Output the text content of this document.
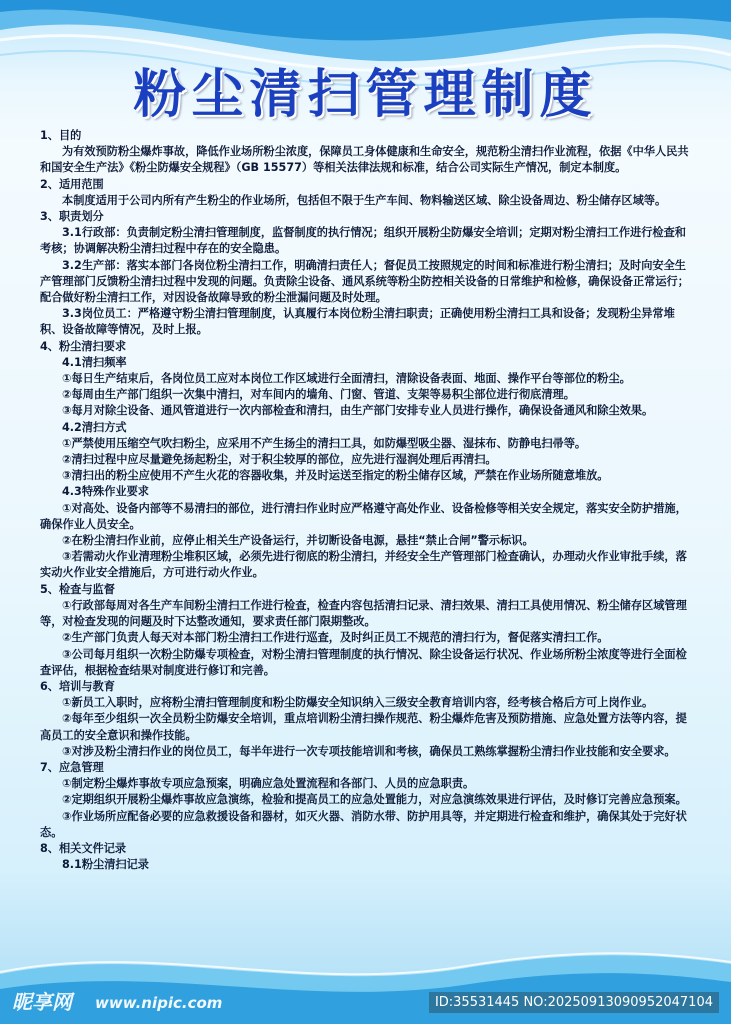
粉尘清扫管理制度
1、目的
为有效预防粉尘爆炸事故，降低作业场所粉尘浓度，保障员工身体健康和生命安全，规范粉尘清扫作业流程，依据《中华人民共和国安全生产法》《粉尘防爆安全规程》（GB 15577）等相关法律法规和标准，结合公司实际生产情况，制定本制度。
2、适用范围
本制度适用于公司内所有产生粉尘的作业场所，包括但不限于生产车间、物料输送区域、除尘设备周边、粉尘储存区域等。
3、职责划分
3.1行政部：负责制定粉尘清扫管理制度，监督制度的执行情况；组织开展粉尘防爆安全培训；定期对粉尘清扫工作进行检查和考核；协调解决粉尘清扫过程中存在的安全隐患。
3.2生产部：落实本部门各岗位粉尘清扫工作，明确清扫责任人；督促员工按照规定的时间和标准进行粉尘清扫；及时向安全生产管理部门反馈粉尘清扫过程中发现的问题。负责除尘设备、通风系统等粉尘防控相关设备的日常维护和检修，确保设备正常运行；配合做好粉尘清扫工作，对因设备故障导致的粉尘泄漏问题及时处理。
3.3岗位员工：严格遵守粉尘清扫管理制度，认真履行本岗位粉尘清扫职责；正确使用粉尘清扫工具和设备；发现粉尘异常堆积、设备故障等情况，及时上报。
4、粉尘清扫要求
4.1清扫频率
①每日生产结束后，各岗位员工应对本岗位工作区域进行全面清扫，清除设备表面、地面、操作平台等部位的粉尘。
②每周由生产部门组织一次集中清扫，对车间内的墙角、门窗、管道、支架等易积尘部位进行彻底清理。
③每月对除尘设备、通风管道进行一次内部检查和清扫，由生产部门安排专业人员进行操作，确保设备通风和除尘效果。
4.2清扫方式
①严禁使用压缩空气吹扫粉尘，应采用不产生扬尘的清扫工具，如防爆型吸尘器、湿抹布、防静电扫帚等。
②清扫过程中应尽量避免扬起粉尘，对于积尘较厚的部位，应先进行湿润处理后再清扫。
③清扫出的粉尘应使用不产生火花的容器收集，并及时运送至指定的粉尘储存区域，严禁在作业场所随意堆放。
4.3特殊作业要求
①对高处、设备内部等不易清扫的部位，进行清扫作业时应严格遵守高处作业、设备检修等相关安全规定，落实安全防护措施，确保作业人员安全。
②在粉尘清扫作业前，应停止相关生产设备运行，并切断设备电源，悬挂“禁止合闸”警示标识。
③若需动火作业清理粉尘堆积区域，必须先进行彻底的粉尘清扫，并经安全生产管理部门检查确认，办理动火作业审批手续，落实动火作业安全措施后，方可进行动火作业。
5、检查与监督
①行政部每周对各生产车间粉尘清扫工作进行检查，检查内容包括清扫记录、清扫效果、清扫工具使用情况、粉尘储存区域管理等，对检查发现的问题及时下达整改通知，要求责任部门限期整改。
②生产部门负责人每天对本部门粉尘清扫工作进行巡查，及时纠正员工不规范的清扫行为，督促落实清扫工作。
③公司每月组织一次粉尘防爆专项检查，对粉尘清扫管理制度的执行情况、除尘设备运行状况、作业场所粉尘浓度等进行全面检查评估，根据检查结果对制度进行修订和完善。
6、培训与教育
①新员工入职时，应将粉尘清扫管理制度和粉尘防爆安全知识纳入三级安全教育培训内容，经考核合格后方可上岗作业。
②每年至少组织一次全员粉尘防爆安全培训，重点培训粉尘清扫操作规范、粉尘爆炸危害及预防措施、应急处置方法等内容，提高员工的安全意识和操作技能。
③对涉及粉尘清扫作业的岗位员工，每半年进行一次专项技能培训和考核，确保员工熟练掌握粉尘清扫作业技能和安全要求。
7、应急管理
①制定粉尘爆炸事故专项应急预案，明确应急处置流程和各部门、人员的应急职责。
②定期组织开展粉尘爆炸事故应急演练，检验和提高员工的应急处置能力，对应急演练效果进行评估，及时修订完善应急预案。
③作业场所应配备必要的应急救援设备和器材，如灭火器、消防水带、防护用具等，并定期进行检查和维护，确保其处于完好状态。
8、相关文件记录
8.1粉尘清扫记录
昵享网 www.nipic.com	ID:35531445 NO:20250913090952047104
